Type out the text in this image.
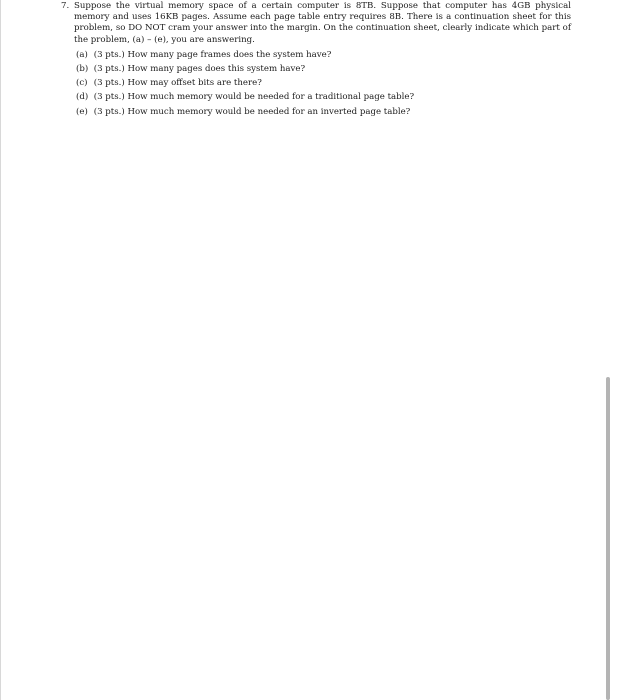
7. Suppose the virtual memory space of a certain computer is 8TB. Suppose that computer has 4GB physical memory and uses 16KB pages. Assume each page table entry requires 8B. There is a continuation sheet for this problem, so DO NOT cram your answer into the margin. On the continuation sheet, clearly indicate which part of the problem, (a) – (e), you are answering.
(a) (3 pts.) How many page frames does the system have?
(b) (3 pts.) How many pages does this system have?
(c) (3 pts.) How may offset bits are there?
(d) (3 pts.) How much memory would be needed for a traditional page table?
(e) (3 pts.) How much memory would be needed for an inverted page table?
